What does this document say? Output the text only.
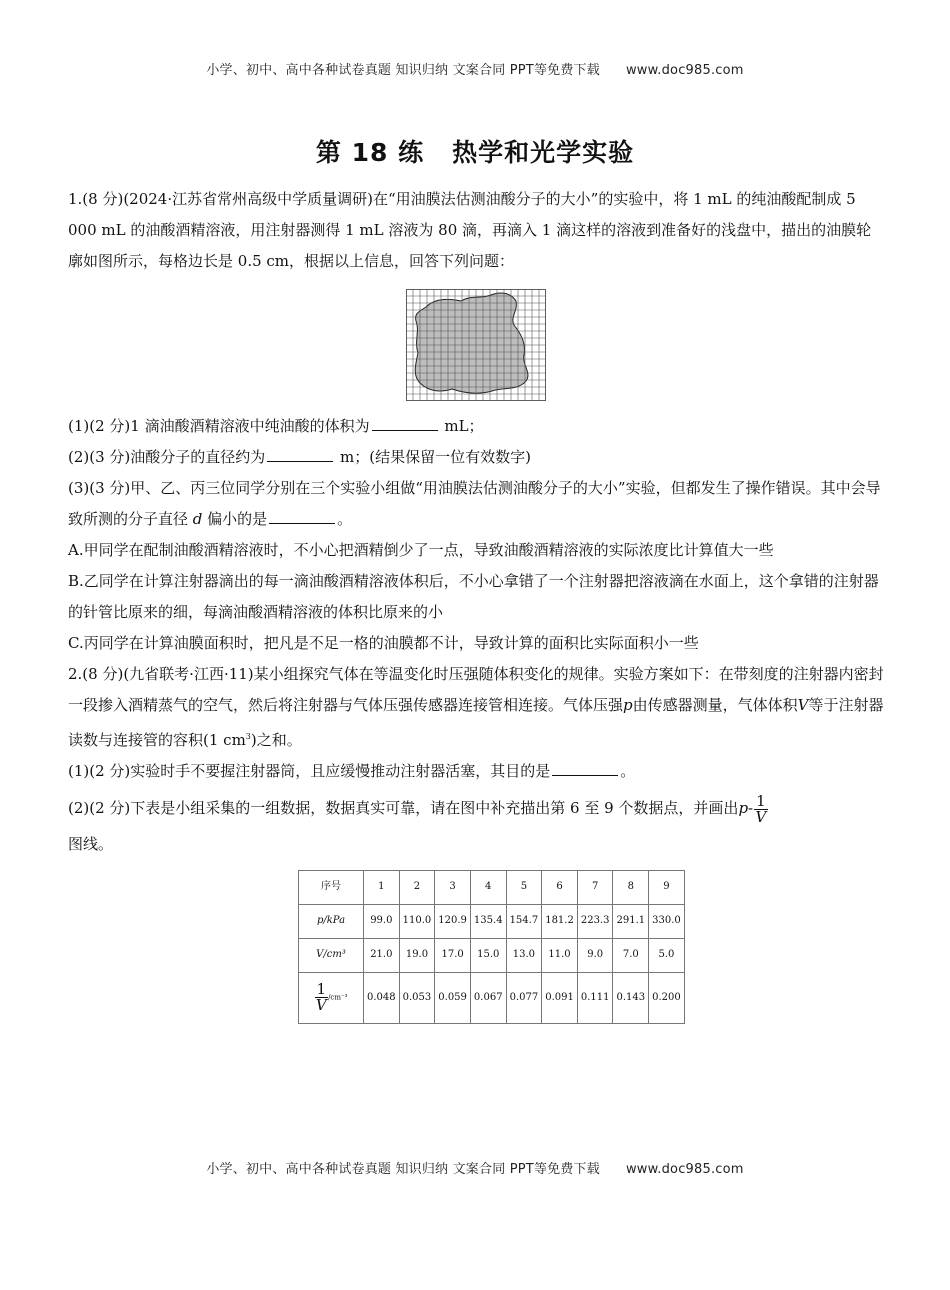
小学、初中、高中各种试卷真题 知识归纳 文案合同 PPT等免费下载 www.doc985.com
第 18 练 热学和光学实验

1.(8 分)(2024·江苏省常州高级中学质量调研)在“用油膜法估测油酸分子的大小”的实验中，将 1 mL 的纯油酸配制成 5 000 mL 的油酸酒精溶液，用注射器测得 1 mL 溶液为 80 滴，再滴入 1 滴这样的溶液到准备好的浅盘中，描出的油膜轮廓如图所示，每格边长是 0.5 cm，根据以上信息，回答下列问题：

(1)(2 分)1 滴油酸酒精溶液中纯油酸的体积为	mL；

(2)(3 分)油酸分子的直径约为	m；(结果保留一位有效数字)

(3)(3 分)甲、乙、丙三位同学分别在三个实验小组做“用油膜法估测油酸分子的大小”实验，但都发生了操作错误。其中会导致所测的分子直径 d 偏小的是	。

A.甲同学在配制油酸酒精溶液时，不小心把酒精倒少了一点，导致油酸酒精溶液的实际浓度比计算值大一些

B.乙同学在计算注射器滴出的每一滴油酸酒精溶液体积后，不小心拿错了一个注射器把溶液滴在水面上，这个拿错的注射器的针管比原来的细，每滴油酸酒精溶液的体积比原来的小

C.丙同学在计算油膜面积时，把凡是不足一格的油膜都不计，导致计算的面积比实际面积小一些

2.(8 分)(九省联考·江西·11)某小组探究气体在等温变化时压强随体积变化的规律。实验方案如下：在带刻度的注射器内密封一段掺入酒精蒸气的空气，然后将注射器与气体压强传感器连接管相连接。气体压强p由传感器测量，气体体积V等于注射器读数与连接管的容积(1 $cm^3$)之和。

(1)(2 分)实验时手不要握注射器筒，且应缓慢推动注射器活塞，其目的是	。

(2)(2 分)下表是小组采集的一组数据，数据真实可靠，请在图中补充描出第 6 至 9 个数据点，并画出$p- \frac{1}{V}$

图线。

序号	1	2	3	4	5	6	7	8	9
p/kPa	99.0	110.0	120.9	135.4	154.7	181.2	223.3	291.1	330.0
V/cm³	21.0	19.0	17.0	15.0	13.0	11.0	9.0	7.0	5.0

$\frac{1}{V} /cm^{-3}$	0.048	0.053	0.059	0.067	0.077	0.091	0.111	0.143	0.200
小学、初中、高中各种试卷真题 知识归纳 文案合同 PPT等免费下载 www.doc985.com
